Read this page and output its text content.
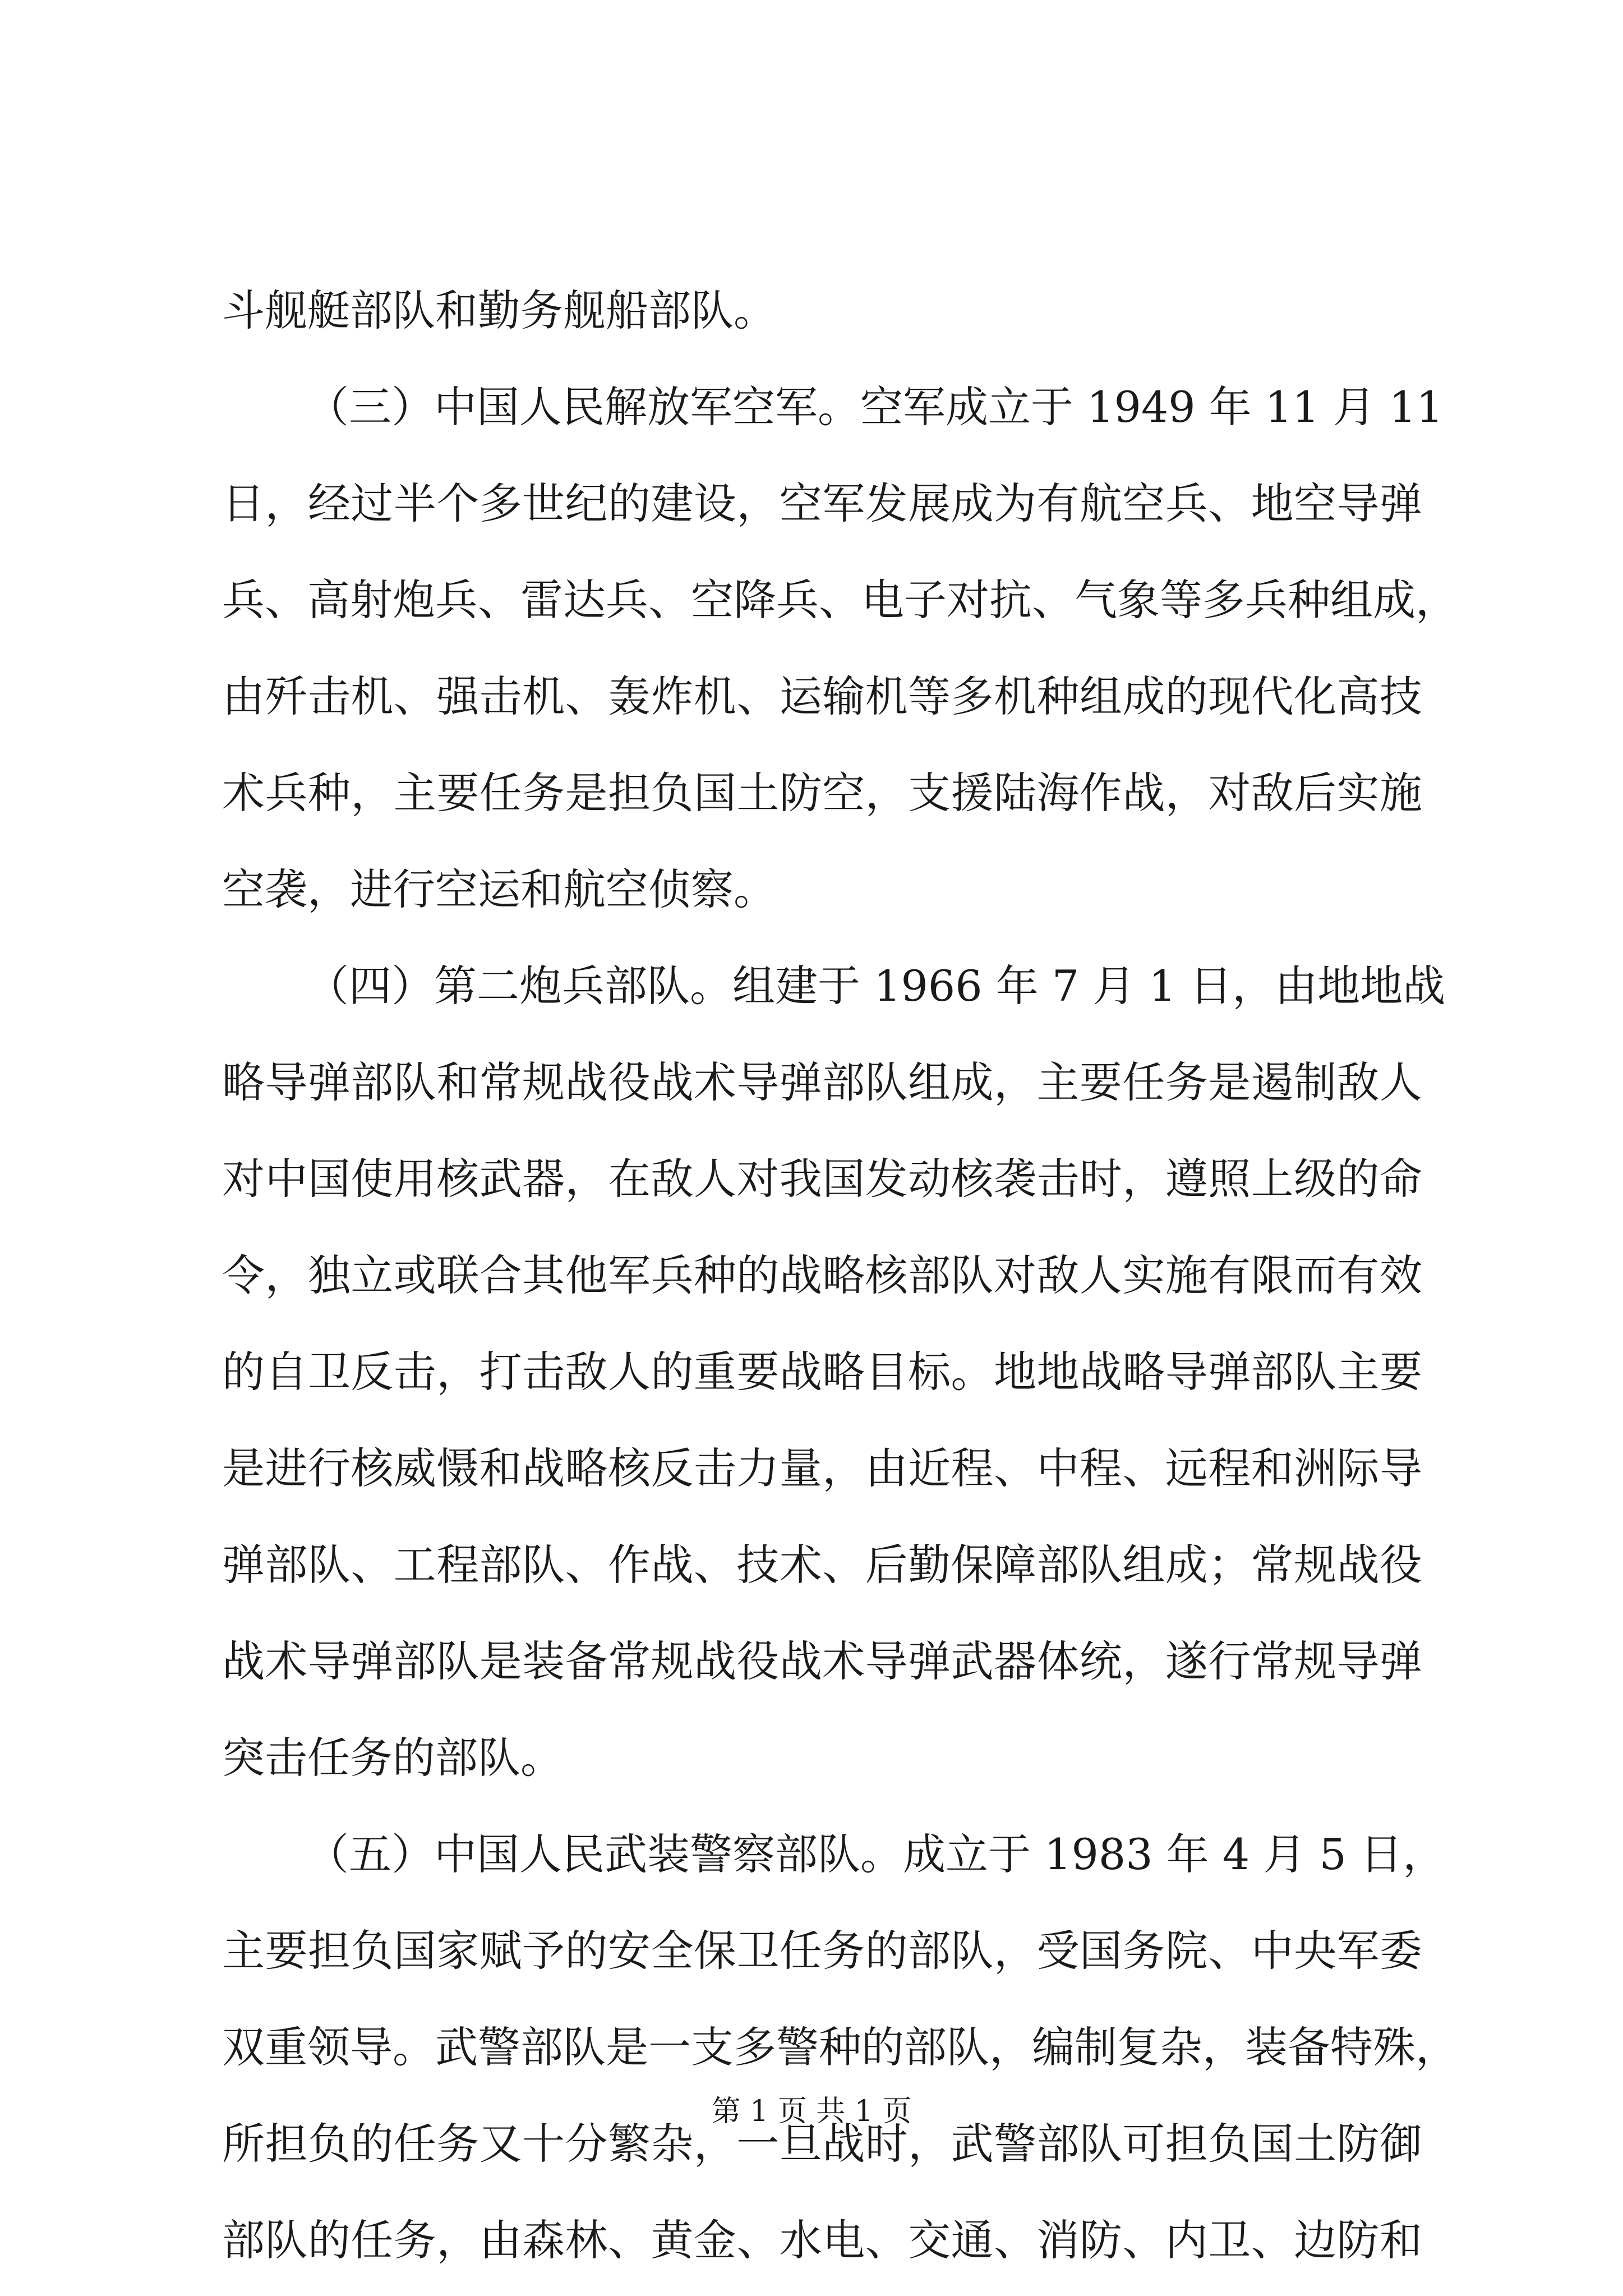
斗舰艇部队和勤务舰船部队。
（三）中国人民解放军空军。空军成立于 1949 年 11 月 11
日，经过半个多世纪的建设，空军发展成为有航空兵、地空导弹
兵、高射炮兵、雷达兵、空降兵、电子对抗、气象等多兵种组成，
由歼击机、强击机、轰炸机、运输机等多机种组成的现代化高技
术兵种，主要任务是担负国土防空，支援陆海作战，对敌后实施
空袭，进行空运和航空侦察。
（四）第二炮兵部队。组建于 1966 年 7 月 1 日，由地地战
略导弹部队和常规战役战术导弹部队组成，主要任务是遏制敌人
对中国使用核武器，在敌人对我国发动核袭击时，遵照上级的命
令，独立或联合其他军兵种的战略核部队对敌人实施有限而有效
的自卫反击，打击敌人的重要战略目标。地地战略导弹部队主要
是进行核威慑和战略核反击力量，由近程、中程、远程和洲际导
弹部队、工程部队、作战、技术、后勤保障部队组成；常规战役
战术导弹部队是装备常规战役战术导弹武器体统，遂行常规导弹
突击任务的部队。
（五）中国人民武装警察部队。成立于 1983 年 4 月 5 日，
主要担负国家赋予的安全保卫任务的部队，受国务院、中央军委
双重领导。武警部队是一支多警种的部队，编制复杂，装备特殊，
所担负的任务又十分繁杂，一旦战时，武警部队可担负国土防御
部队的任务，由森林、黄金、水电、交通、消防、内卫、边防和
第 1 页 共 1 页
